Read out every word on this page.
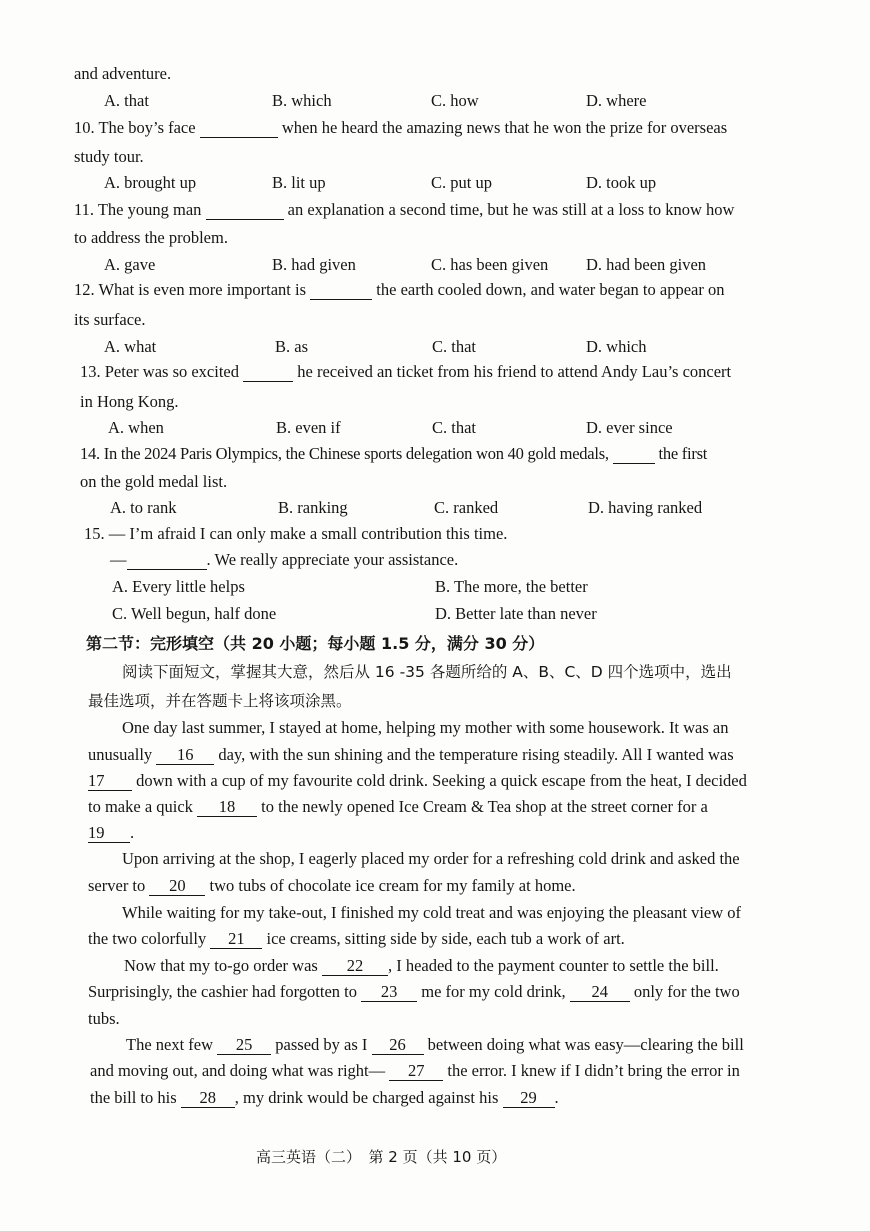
and adventure.
A. that	B. which	C. how	D. where
10. The boy’s face	when he heard the amazing news that he won the prize for overseas
study tour.
A. brought up	B. lit up	C. put up	D. took up
11. The young man	an explanation a second time, but he was still at a loss to know how
to address the problem.
A. gave	B. had given	C. has been given D. had been given
12. What is even more important is	the earth cooled down, and water began to appear on
its surface.
A. what	B. as	C. that	D. which
13. Peter was so excited	he received an ticket from his friend to attend Andy Lau’s concert
in Hong Kong.
A. when	B. even if	C. that	D. ever since
14. In the 2024 Paris Olympics, the Chinese sports delegation won 40 gold medals,	the first
on the gold medal list.
A. to rank	B. ranking	C. ranked	D. having ranked
15. — I’m afraid I can only make a small contribution this time.
—	. We really appreciate your assistance.
A. Every little helps	B. The more, the better
C. Well begun, half done	D. Better late than never
第二节：完形填空（共 20 小题；每小题 1.5 分，满分 30 分）
阅读下面短文，掌握其大意，然后从 16 -35 各题所给的 A、B、C、D 四个选项中，选出
最佳选项，并在答题卡上将该项涂黑。
One day last summer, I stayed at home, helping my mother with some housework. It was an
unusually 16 day, with the sun shining and the temperature rising steadily. All I wanted was
17 down with a cup of my favourite cold drink. Seeking a quick escape from the heat, I decided
to make a quick 18 to the newly opened Ice Cream & Tea shop at the street corner for a
19 .
Upon arriving at the shop, I eagerly placed my order for a refreshing cold drink and asked the
server to 20 two tubs of chocolate ice cream for my family at home.
While waiting for my take-out, I finished my cold treat and was enjoying the pleasant view of
the two colorfully 21 ice creams, sitting side by side, each tub a work of art.
Now that my to-go order was 22 , I headed to the payment counter to settle the bill.
Surprisingly, the cashier had forgotten to 23 me for my cold drink, 24 only for the two
tubs.
The next few 25 passed by as I 26 between doing what was easy—clearing the bill
and moving out, and doing what was right— 27 the error. I knew if I didn’t bring the error in
the bill to his 28 , my drink would be charged against his 29 .
高三英语（二）　第 2 页（共 10 页）
